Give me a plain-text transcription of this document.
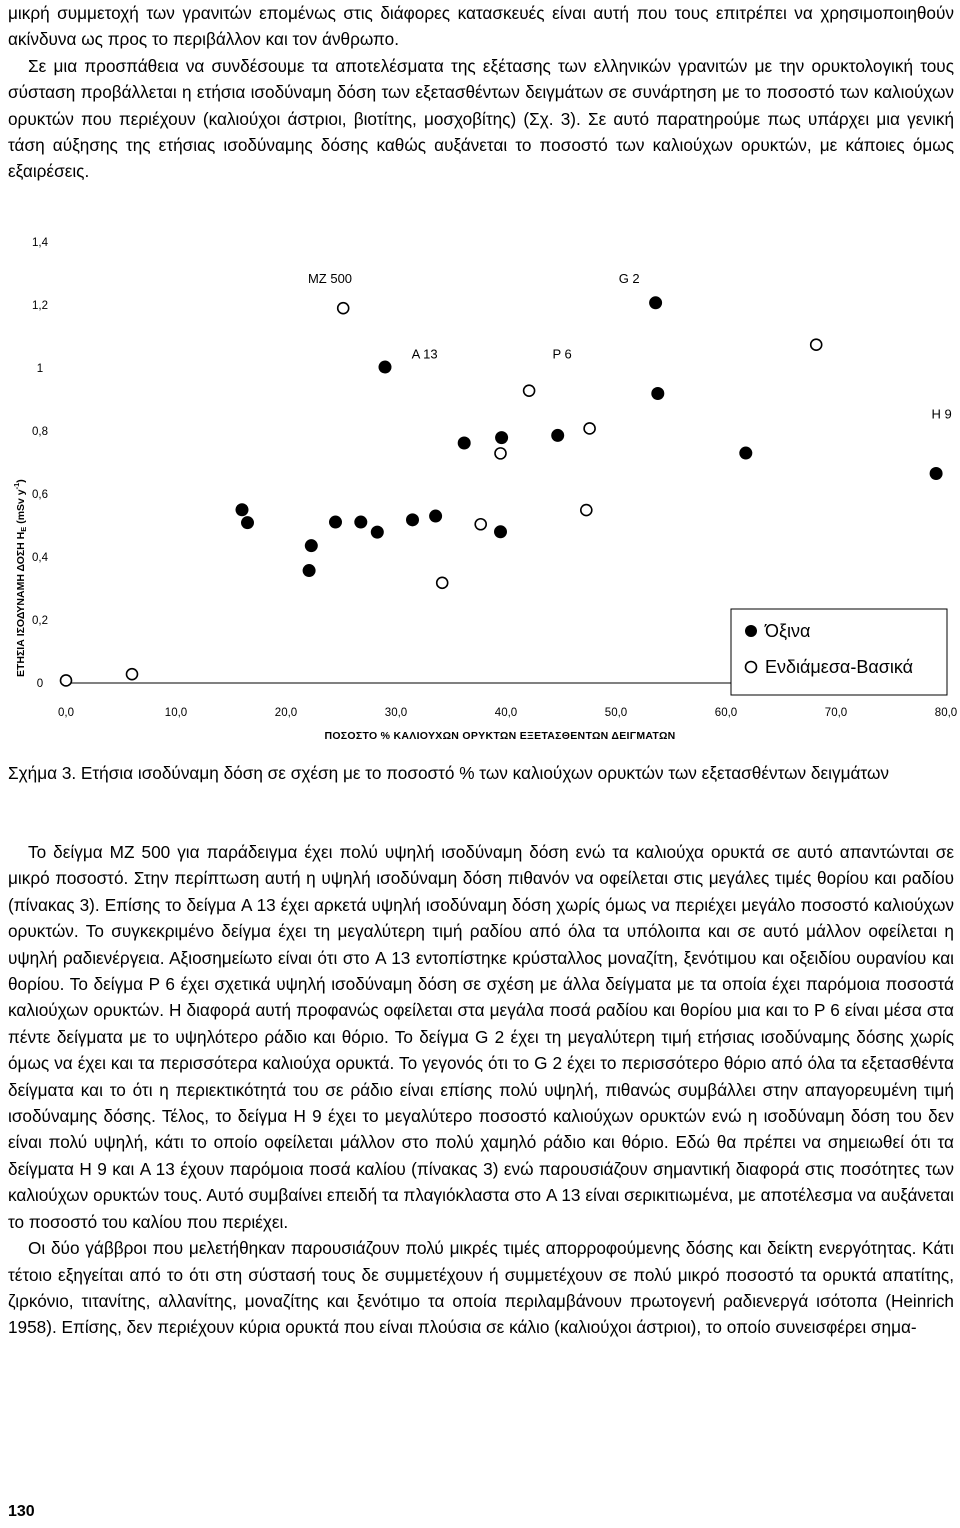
μικρή συμμετοχή των γρανιτών επομένως στις διάφορες κατασκευές είναι αυτή που τους επιτρέπει να χρησιμοποιηθούν ακίνδυνα ως προς το περιβάλλον και τον άνθρωπο.

Σε μια προσπάθεια να συνδέσουμε τα αποτελέσματα της εξέτασης των ελληνικών γρανιτών με την ορυκτολογική τους σύσταση προβάλλεται η ετήσια ισοδύναμη δόση των εξετασθέντων δειγμάτων σε συνάρτηση με το ποσοστό των καλιούχων ορυκτών που περιέχουν (καλιούχοι άστριοι, βιοτίτης, μοσχοβίτης) (Σχ. 3). Σε αυτό παρατηρούμε πως υπάρχει μια γενική τάση αύξησης της ετήσιας ισοδύναμης δόσης καθώς αυξάνεται το ποσοστό των καλιούχων ορυκτών, με κάποιες όμως εξαιρέσεις.

0
0,2
0,4
0,6
0,8
1
1,2
1,4
0,0	10,0	20,0	30,0	40,0	50,0	60,0	70,0	80,0
ΠΟΣΟΣΤΟ % ΚΑΛΙΟΥΧΩΝ ΟΡΥΚΤΩΝ ΕΞΕΤΑΣΘΕΝΤΩΝ ΔΕΙΓΜΑΤΩΝ
ΕΤΗΣΙΑ ΙΣΟΔΥΝΑΜΗ ΔΟΣΗ HE (mSv $y^{-1}$)
MZ 500	G 2
A 13	P 6
H 9
Όξινα
Ενδιάμεσα-Βασικά

Σχήμα 3. Ετήσια ισοδύναμη δόση σε σχέση με το ποσοστό % των καλιούχων ορυκτών των εξετασθέντων δειγμάτων

Το δείγμα MZ 500 για παράδειγμα έχει πολύ υψηλή ισοδύναμη δόση ενώ τα καλιούχα ορυκτά σε αυτό απαντώνται σε μικρό ποσοστό. Στην περίπτωση αυτή η υψηλή ισοδύναμη δόση πιθανόν να οφείλεται στις μεγάλες τιμές θορίου και ραδίου (πίνακας 3). Επίσης το δείγμα A 13 έχει αρκετά υψηλή ισοδύναμη δόση χωρίς όμως να περιέχει μεγάλο ποσοστό καλιούχων ορυκτών. Το συγκεκριμένο δείγμα έχει τη μεγαλύτερη τιμή ραδίου από όλα τα υπόλοιπα και σε αυτό μάλλον οφείλεται η υψηλή ραδιενέργεια. Αξιοσημείωτο είναι ότι στο A 13 εντοπίστηκε κρύσταλλος μοναζίτη, ξενότιμου και οξειδίου ουρανίου και θορίου. Το δείγμα P 6 έχει σχετικά υψηλή ισοδύναμη δόση σε σχέση με άλλα δείγματα με τα οποία έχει παρόμοια ποσοστά καλιούχων ορυκτών. Η διαφορά αυτή προφανώς οφείλεται στα μεγάλα ποσά ραδίου και θορίου μια και το P 6 είναι μέσα στα πέντε δείγματα με το υψηλότερο ράδιο και θόριο. Το δείγμα G 2 έχει τη μεγαλύτερη τιμή ετήσιας ισοδύναμης δόσης χωρίς όμως να έχει και τα περισσότερα καλιούχα ορυκτά. Το γεγονός ότι το G 2 έχει το περισσότερο θόριο από όλα τα εξετασθέντα δείγματα και το ότι η περιεκτικότητά του σε ράδιο είναι επίσης πολύ υψηλή, πιθανώς συμβάλλει στην απαγορευμένη τιμή ισοδύναμης δόσης. Τέλος, το δείγμα H 9 έχει το μεγαλύτερο ποσοστό καλιούχων ορυκτών ενώ η ισοδύναμη δόση του δεν είναι πολύ υψηλή, κάτι το οποίο οφείλεται μάλλον στο πολύ χαμηλό ράδιο και θόριο. Εδώ θα πρέπει να σημειωθεί ότι τα δείγματα H 9 και A 13 έχουν παρόμοια ποσά καλίου (πίνακας 3) ενώ παρουσιάζουν σημαντική διαφορά στις ποσότητες των καλιούχων ορυκτών τους. Αυτό συμβαίνει επειδή τα πλαγιόκλαστα στο A 13 είναι σερικιτιωμένα, με αποτέλεσμα να αυξάνεται το ποσοστό του καλίου που περιέχει.

Οι δύο γάββροι που μελετήθηκαν παρουσιάζουν πολύ μικρές τιμές απορροφούμενης δόσης και δείκτη ενεργότητας. Κάτι τέτοιο εξηγείται από το ότι στη σύστασή τους δε συμμετέχουν ή συμμετέχουν σε πολύ μικρό ποσοστό τα ορυκτά απατίτης, ζιρκόνιο, τιτανίτης, αλλανίτης, μοναζίτης και ξενότιμο τα οποία περιλαμβάνουν πρωτογενή ραδιενεργά ισότοπα (Heinrich 1958). Επίσης, δεν περιέχουν κύρια ορυκτά που είναι πλούσια σε κάλιο (καλιούχοι άστριοι), το οποίο συνεισφέρει σημα-

130
